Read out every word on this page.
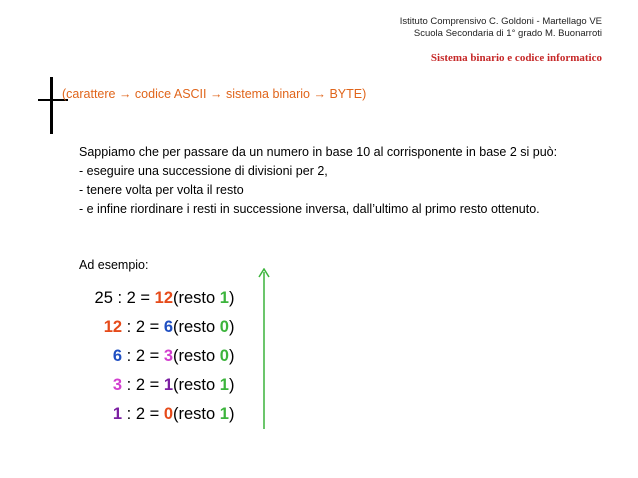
Istituto Comprensivo C. Goldoni - Martellago VE
Scuola Secondaria di 1° grado M. Buonarroti
Sistema binario e codice informatico
(carattere → codice ASCII → sistema binario → BYTE)

Sappiamo che per passare da un numero in base 10 al corrisponente in base 2 si può:

- eseguire una successione di divisioni per 2,
- tenere volta per volta il resto
- e infine riordinare i resti in successione inversa, dall’ultimo al primo resto ottenuto.
Ad esempio:
25 : 2 = 12 (resto 1)
12 : 2 = 6 (resto 0)
6 : 2 = 3 (resto 0)
3 : 2 = 1 (resto 1)
1 : 2 = 0 (resto 1)
